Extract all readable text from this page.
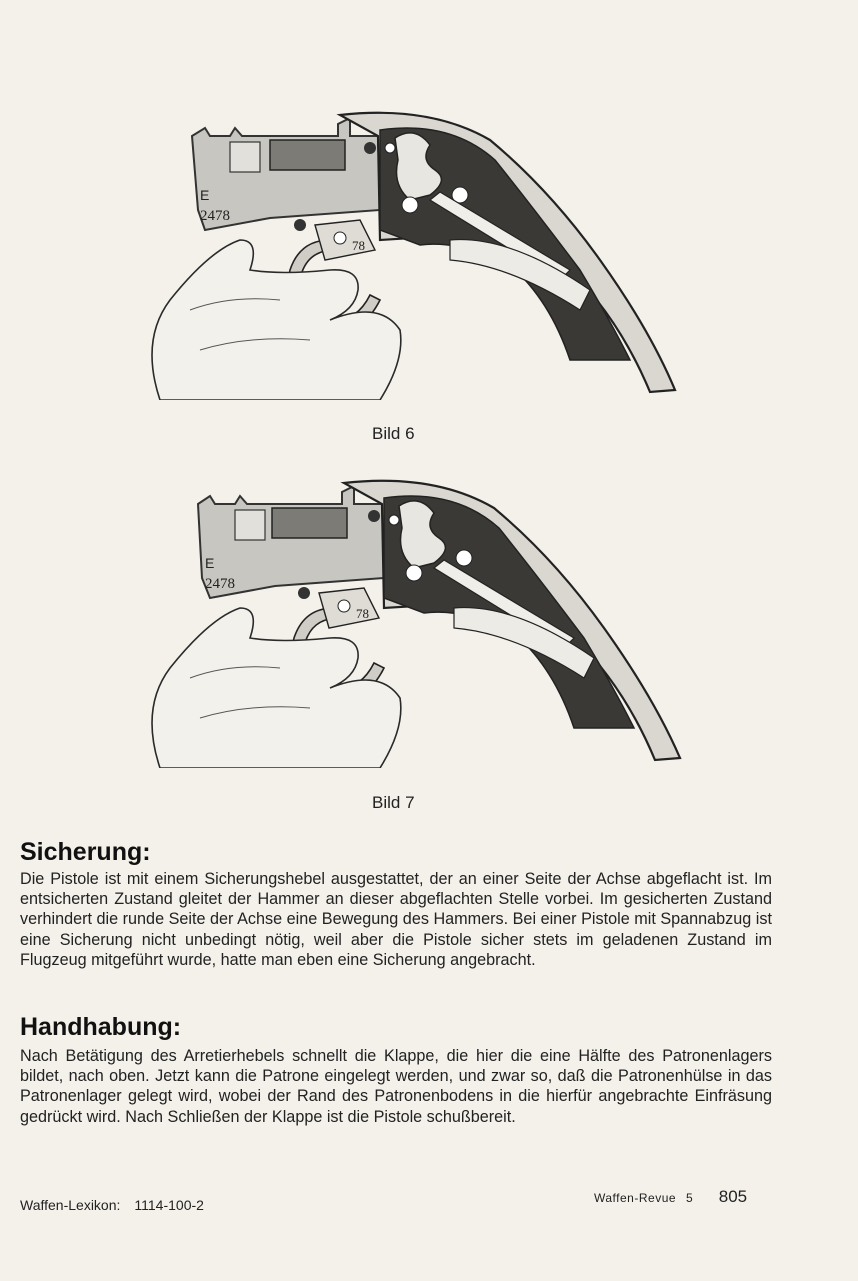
E
2478
78
Bild 6
E
2478
78
Bild 7
Sicherung:

Die Pistole ist mit einem Sicherungshebel ausgestattet, der an einer Seite der Achse abgeflacht ist. Im entsicherten Zustand gleitet der Hammer an dieser abgeflachten Stelle vorbei. Im gesicherten Zustand verhindert die runde Seite der Achse eine Bewegung des Hammers. Bei einer Pistole mit Spannabzug ist eine Sicherung nicht unbedingt nötig, weil aber die Pistole sicher stets im geladenen Zustand im Flugzeug mitgeführt wurde, hatte man eben eine Sicherung angebracht.

Handhabung:

Nach Betätigung des Arretierhebels schnellt die Klappe, die hier die eine Hälfte des Patronenlagers bildet, nach oben. Jetzt kann die Patrone eingelegt werden, und zwar so, daß die Patronenhülse in das Patronenlager gelegt wird, wobei der Rand des Patronenbodens in die hierfür angebrachte Einfräsung gedrückt wird. Nach Schließen der Klappe ist die Pistole schußbereit.

Waffen-Lexikon: 1114-100-2	Waffen-Revue 5 805
